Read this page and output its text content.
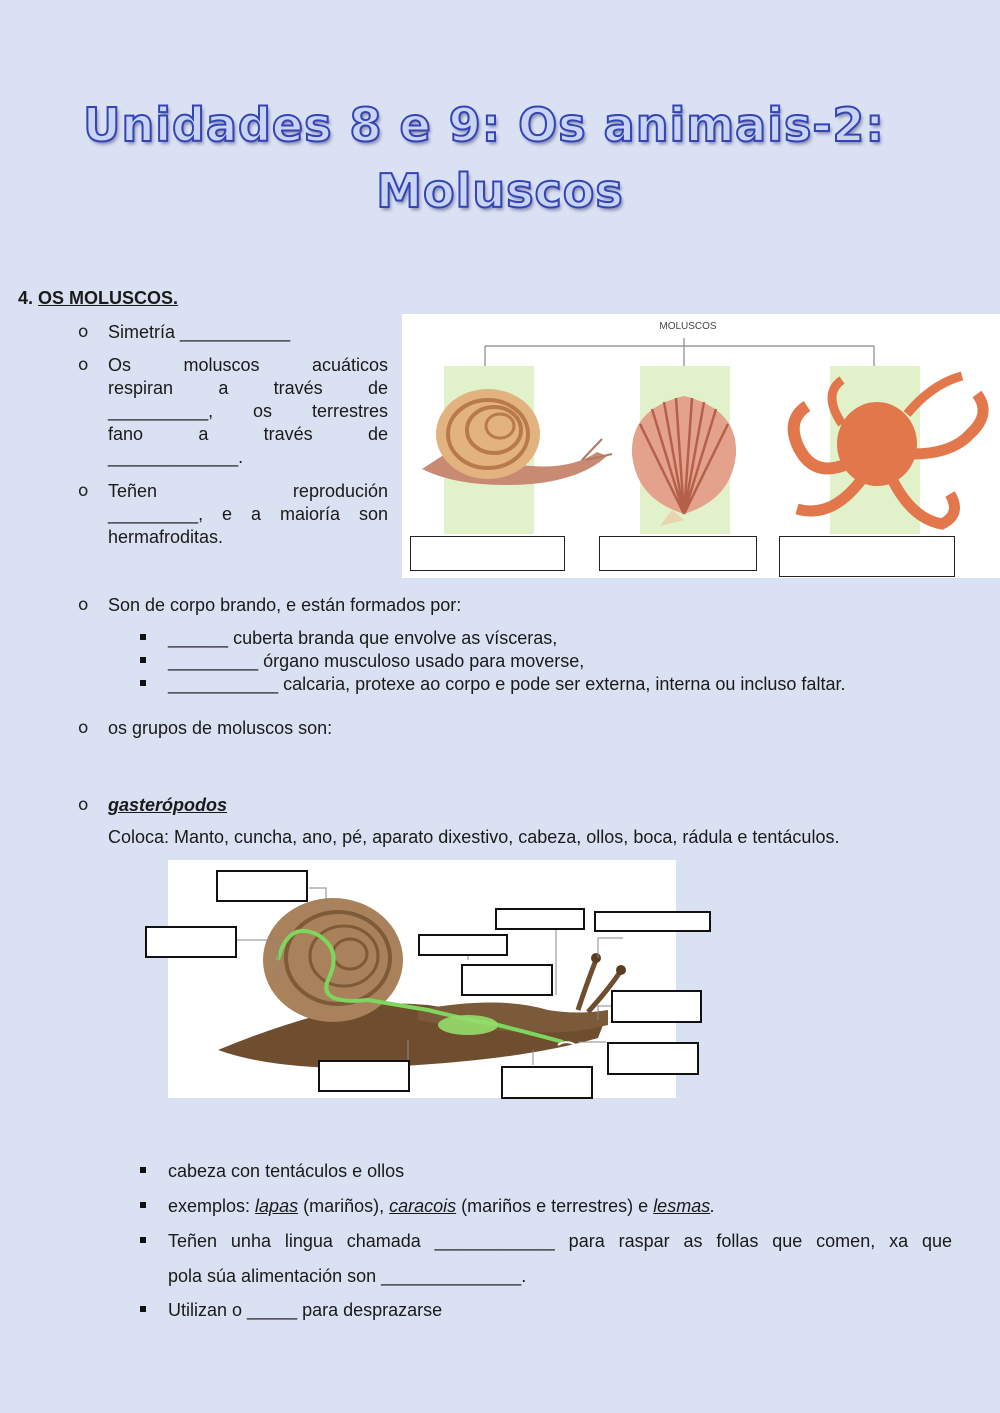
Unidades 8 e 9: Os animais-2:
Moluscos
4. OS MOLUSCOS.
o Simetría ___________
o Os moluscos acuáticos
respiran a través de
__________, os terrestres
fano a través de
_____________.
o Teñen reprodución
_________, e a maioría son
hermafroditas.
MOLUSCOS
o Son de corpo brando, e están formados por:
______ cuberta branda que envolve as vísceras,
_________ órgano musculoso usado para moverse,
___________ calcaria, protexe ao corpo e pode ser externa, interna ou incluso faltar.
o os grupos de moluscos son:
o gasterópodos
Coloca: Manto, cuncha, ano, pé, aparato dixestivo, cabeza, ollos, boca, rádula e tentáculos.
cabeza con tentáculos e ollos
exemplos: lapas (mariños), caracois (mariños e terrestres) e lesmas.
Teñen unha lingua chamada ____________ para raspar as follas que comen, xa que
pola súa alimentación son ______________.
Utilizan o _____ para desprazarse
